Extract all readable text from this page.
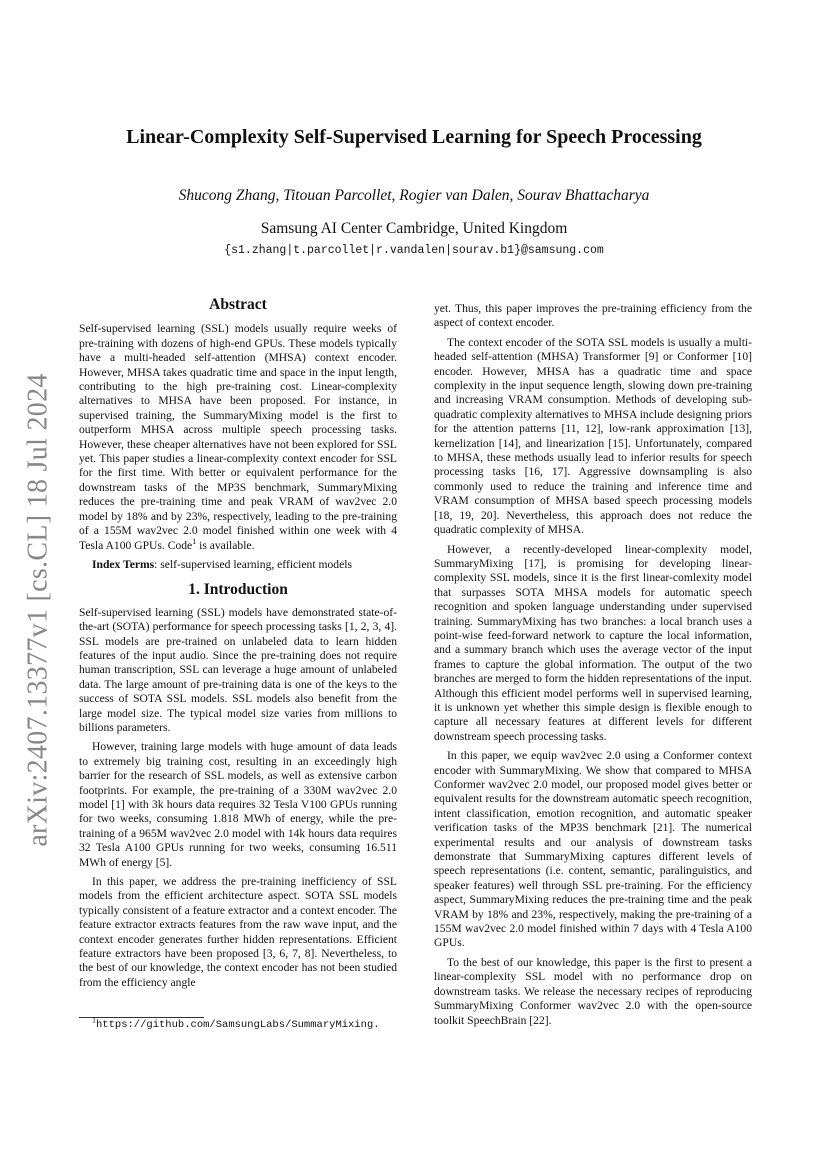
arXiv:2407.13377v1 [cs.CL] 18 Jul 2024
Linear-Complexity Self-Supervised Learning for Speech Processing
Shucong Zhang, Titouan Parcollet, Rogier van Dalen, Sourav Bhattacharya
Samsung AI Center Cambridge, United Kingdom
{s1.zhang|t.parcollet|r.vandalen|sourav.b1}@samsung.com
Abstract

Self-supervised learning (SSL) models usually require weeks of pre-training with dozens of high-end GPUs. These models typically have a multi-headed self-attention (MHSA) context encoder. However, MHSA takes quadratic time and space in the input length, contributing to the high pre-training cost. Linear-complexity alternatives to MHSA have been proposed. For instance, in supervised training, the SummaryMixing model is the first to outperform MHSA across multiple speech processing tasks. However, these cheaper alternatives have not been explored for SSL yet. This paper studies a linear-complexity context encoder for SSL for the first time. With better or equivalent performance for the downstream tasks of the MP3S benchmark, SummaryMixing reduces the pre-training time and peak VRAM of wav2vec 2.0 model by 18% and by 23%, respectively, leading to the pre-training of a 155M wav2vec 2.0 model finished within one week with 4 Tesla A100 GPUs. Code$^1$ is available.

Index Terms: self-supervised learning, efficient models

1. Introduction

Self-supervised learning (SSL) models have demonstrated state-of-the-art (SOTA) performance for speech processing tasks [1, 2, 3, 4]. SSL models are pre-trained on unlabeled data to learn hidden features of the input audio. Since the pre-training does not require human transcription, SSL can leverage a huge amount of unlabeled data. The large amount of pre-training data is one of the keys to the success of SOTA SSL models. SSL models also benefit from the large model size. The typical model size varies from millions to billions parameters.

However, training large models with huge amount of data leads to extremely big training cost, resulting in an exceedingly high barrier for the research of SSL models, as well as extensive carbon footprints. For example, the pre-training of a 330M wav2vec 2.0 model [1] with 3k hours data requires 32 Tesla V100 GPUs running for two weeks, consuming 1.818 MWh of energy, while the pre-training of a 965M wav2vec 2.0 model with 14k hours data requires 32 Tesla A100 GPUs running for two weeks, consuming 16.511 MWh of energy [5].

In this paper, we address the pre-training inefficiency of SSL models from the efficient architecture aspect. SOTA SSL models typically consistent of a feature extractor and a context encoder. The feature extractor extracts features from the raw wave input, and the context encoder generates further hidden representations. Efficient feature extractors have been proposed [3, 6, 7, 8]. Nevertheless, to the best of our knowledge, the context encoder has not been studied from the efficiency angle

yet. Thus, this paper improves the pre-training efficiency from the aspect of context encoder.

The context encoder of the SOTA SSL models is usually a multi-headed self-attention (MHSA) Transformer [9] or Conformer [10] encoder. However, MHSA has a quadratic time and space complexity in the input sequence length, slowing down pre-training and increasing VRAM consumption. Methods of developing sub-quadratic complexity alternatives to MHSA include designing priors for the attention patterns [11, 12], low-rank approximation [13], kernelization [14], and linearization [15]. Unfortunately, compared to MHSA, these methods usually lead to inferior results for speech processing tasks [16, 17]. Aggressive downsampling is also commonly used to reduce the training and inference time and VRAM consumption of MHSA based speech processing models [18, 19, 20]. Nevertheless, this approach does not reduce the quadratic complexity of MHSA.

However, a recently-developed linear-complexity model, SummaryMixing [17], is promising for developing linear-complexity SSL models, since it is the first linear-comlexity model that surpasses SOTA MHSA models for automatic speech recognition and spoken language understanding under supervised training. SummaryMixing has two branches: a local branch uses a point-wise feed-forward network to capture the local information, and a summary branch which uses the average vector of the input frames to capture the global information. The output of the two branches are merged to form the hidden representations of the input. Although this efficient model performs well in supervised learning, it is unknown yet whether this simple design is flexible enough to capture all necessary features at different levels for different downstream speech processing tasks.

In this paper, we equip wav2vec 2.0 using a Conformer context encoder with SummaryMixing. We show that compared to MHSA Conformer wav2vec 2.0 model, our proposed model gives better or equivalent results for the downstream automatic speech recognition, intent classification, emotion recognition, and automatic speaker verification tasks of the MP3S benchmark [21]. The numerical experimental results and our analysis of downstream tasks demonstrate that SummaryMixing captures different levels of speech representations (i.e. content, semantic, paralinguistics, and speaker features) well through SSL pre-training. For the efficiency aspect, SummaryMixing reduces the pre-training time and the peak VRAM by 18% and 23%, respectively, making the pre-training of a 155M wav2vec 2.0 model finished within 7 days with 4 Tesla A100 GPUs.

To the best of our knowledge, this paper is the first to present a linear-complexity SSL model with no performance drop on downstream tasks. We release the necessary recipes of reproducing SummaryMixing Conformer wav2vec 2.0 with the open-source toolkit SpeechBrain [22].

$^1$https://github.com/SamsungLabs/SummaryMixing.
